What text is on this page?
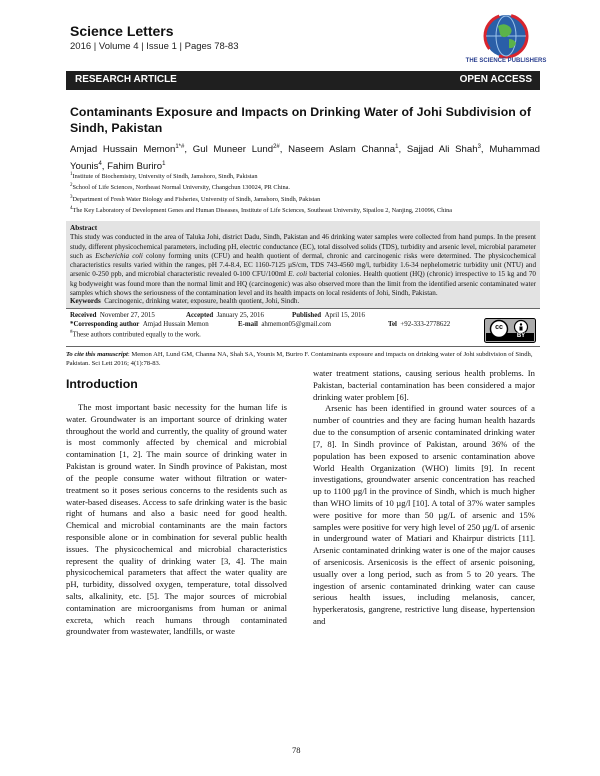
Science Letters
2016 | Volume 4 | Issue 1 | Pages 78-83
THE SCIENCE PUBLISHERS
RESEARCH ARTICLE	OPEN ACCESS
Contaminants Exposure and Impacts on Drinking Water of Johi Subdivision of Sindh, Pakistan
Amjad Hussain Memon$^{1*\#}$, Gul Muneer Lund$^{2\#}$, Naseem Aslam Channa$^1$, Sajjad Ali Shah$^3$, Muhammad Younis$^4$, Fahim Buriro$^1$
$^1$Institute of Biochemistry, University of Sindh, Jamshoro, Sindh, Pakistan
$^2$School of Life Sciences, Northeast Normal University, Changchun 130024, PR China.
$^3$Department of Fresh Water Biology and Fisheries, University of Sindh, Jamshoro, Sindh, Pakistan
$^4$The Key Laboratory of Development Genes and Human Diseases, Institute of Life Sciences, Southeast University, Sipailou 2, Nanjing, 210096, China
Abstract
This study was conducted in the area of Taluka Johi, district Dadu, Sindh, Pakistan and 46 drinking water samples were collected from hand pumps. In the present study, different physicochemical parameters, including pH, electric conductance (EC), total dissolved solids (TDS), turbidity and arsenic level, microbial parameter such as Escherichia coli colony forming units (CFU) and health quotient of dermal, chronic and carcinogenic risks were determined. The physicochemical characteristics results varied within the ranges, pH 7.4-8.4, EC 1160-7125 µS/cm, TDS 743-4560 mg/l, turbidity 1.6-34 nephelometric turbidity unit (NTU) and arsenic 0-250 ppb, and microbial characteristic revealed 0-100 CFU/100ml E. coli bacterial colonies. Health quotient (HQ) (chronic) irrespective to 15 kg and 70 kg bodyweight was found more than the normal limit and HQ (carcinogenic) was also observed more than the limit from the identified arsenic contaminated water samples which shows the seriousness of the contamination level and its health impacts on local residents of Johi, Sindh, Pakistan.
Keywords Carcinogenic, drinking water, exposure, health quotient, Johi, Sindh.
Received November 27, 2015	Accepted January 25, 2016	Published April 15, 2016
*Corresponding author Amjad Hussain Memon	E-mail ahmemon05@gmail.com	Tel +92-333-2778622
#These authors contributed equally to the work.
cc
BY
To cite this manuscript: Memon AH, Lund GM, Channa NA, Shah SA, Younis M, Buriro F. Contaminants exposure and impacts on drinking water of Johi subdivision of Sindh, Pakistan. Sci Lett 2016; 4(1):78-83.
Introduction

The most important basic necessity for the human life is water. Groundwater is an important source of drinking water throughout the world and currently, the quality of ground water is most commonly affected by chemical and microbial contamination [1, 2]. The main source of drinking water in Pakistan is ground water. In Sindh province of Pakistan, most of the people consume water without filtration or water-treatment so it poses serious concerns to the residents such as water-based diseases. Access to safe drinking water is the basic right of humans and also a basic need for good health. Chemical and microbial contaminants are the main factors responsible alone or in combination for several public health issues. The physicochemical and microbial characteristics represent the quality of drinking water [3, 4]. The main physicochemical parameters that affect the water quality are pH, turbidity, dissolved oxygen, temperature, total dissolved salts, alkalinity, etc. [5]. The major sources of microbial contamination are microorganisms from human or animal excreta, which reach humans through contaminated groundwater from wastewater, landfills, or waste

water treatment stations, causing serious health problems. In Pakistan, bacterial contamination has been considered a major drinking water problem [6].

Arsenic has been identified in ground water sources of a number of countries and they are facing human health hazards due to the consumption of arsenic contaminated drinking water [7, 8]. In Sindh province of Pakistan, around 36% of the population has been exposed to arsenic contamination above World Health Organization (WHO) limits [9]. In recent investigations, groundwater arsenic concentration has reached up to 1100 µg/l in the province of Sindh, which is much higher than WHO limits of 10 µg/l [10]. A total of 37% water samples were positive for more than 50 µg/L of arsenic and 15% samples were positive for very high level of 250 µg/L of arsenic in underground water of Matiari and Khairpur districts [11]. Arsenic contaminated drinking water is one of the major causes of arsenicosis. Arsenicosis is the effect of arsenic poisoning, usually over a long period, such as from 5 to 20 years. The ingestion of arsenic contaminated drinking water can cause serious health issues, including melanosis, cancer, hyperkeratosis, gangrene, restrictive lung disease, hypertension and

78
